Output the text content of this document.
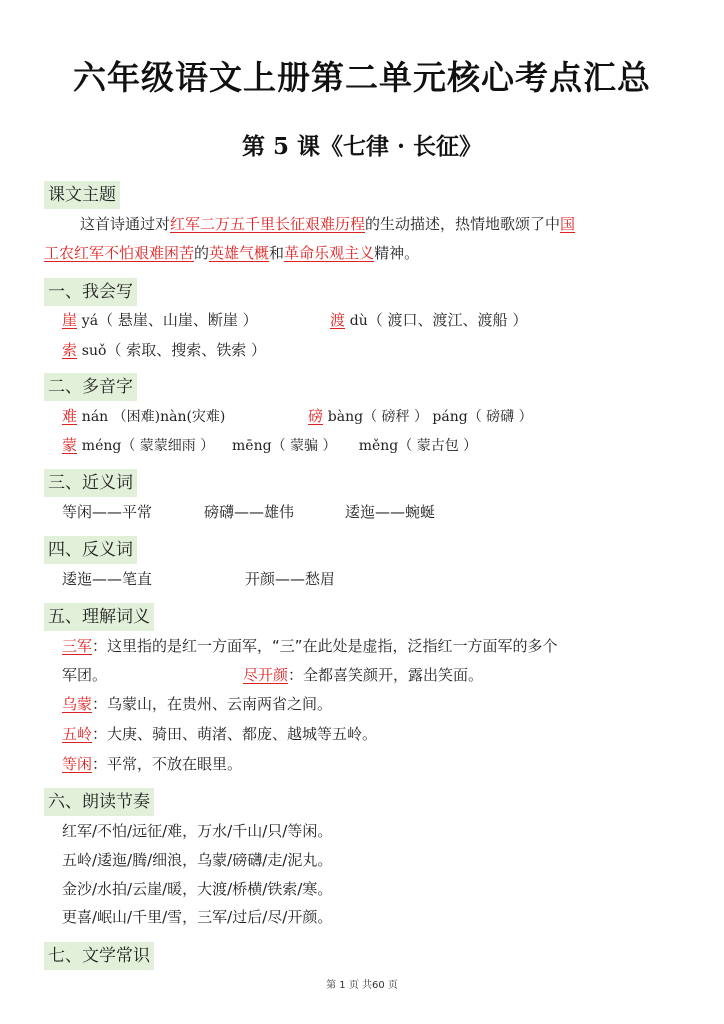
六年级语文上册第二单元核心考点汇总
第 5 课《七律 · 长征》
课文主题
这首诗通过对红军二万五千里长征艰难历程的生动描述，热情地歌颂了中国
工农红军不怕艰难困苦的英雄气概和革命乐观主义精神。
一、我会写
崖 yá（ 悬崖、山崖、断崖 ）	渡 dù（ 渡口、渡江、渡船 ）
索 suǒ（ 索取、搜索、铁索 ）
二、多音字
难 nán （困难)nàn(灾难)	磅 bàng（ 磅秤 ） páng（ 磅礴 ）
蒙 méng（ 蒙蒙细雨 ）    mēng（ 蒙骗 ）     měng（ 蒙古包 ）
三、近义词
等闲——平常	磅礴——雄伟	逶迤——蜿蜒
四、反义词
逶迤——笔直	开颜——愁眉
五、理解词义
三军：这里指的是红一方面军，“三”在此处是虚指，泛指红一方面军的多个
军团。	尽开颜：全都喜笑颜开，露出笑面。
乌蒙：乌蒙山，在贵州、云南两省之间。
五岭：大庚、骑田、萌渚、都庞、越城等五岭。
等闲：平常，不放在眼里。
六、朗读节奏
红军/不怕/远征/难，万水/千山/只/等闲。
五岭/逶迤/腾/细浪，乌蒙/磅礴/走/泥丸。
金沙/水拍/云崖/暖，大渡/桥横/铁索/寒。
更喜/岷山/千里/雪，三军/过后/尽/开颜。
七、文学常识
第 1 页 共60 页
